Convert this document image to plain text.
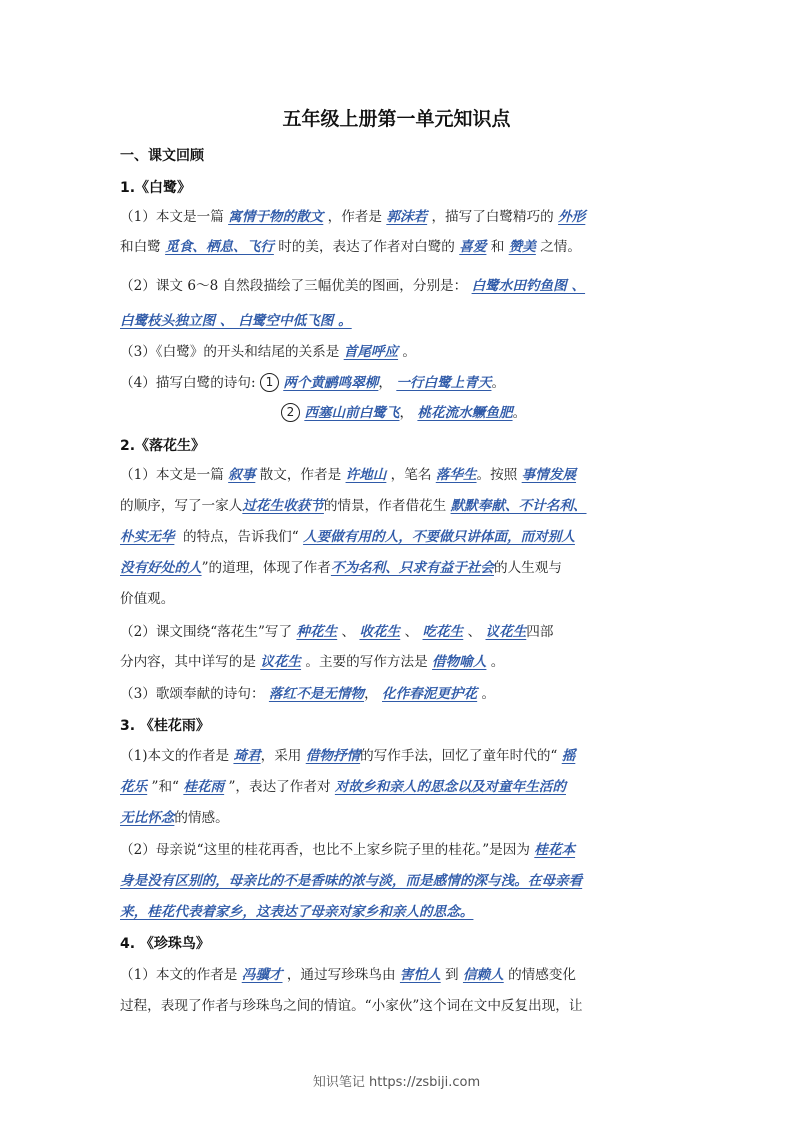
五年级上册第一单元知识点
一、课文回顾
1.《白鹭》
（1）本文是一篇 寓情于物的散文 ，作者是 郭沫若 ，描写了白鹭精巧的 外形
和白鹭 觅食、栖息、飞行 时的美，表达了作者对白鹭的 喜爱 和 赞美 之情。
（2）课文 6～8 自然段描绘了三幅优美的图画，分别是： 白鹭水田钓鱼图 、
白鹭枝头独立图 、 白鹭空中低飞图 。
（3）《白鹭》的开头和结尾的关系是 首尾呼应 。
（4）描写白鹭的诗句: 1 两个黄鹂鸣翠柳， 一行白鹭上青天。
2 西塞山前白鹭飞， 桃花流水鳜鱼肥。
2.《落花生》
（1）本文是一篇 叙事 散文，作者是 许地山 ，笔名 落华生。按照 事情发展
的顺序，写了一家人过花生收获节的情景，作者借花生 默默奉献、不计名利、
朴实无华 的特点，告诉我们“ 人要做有用的人，不要做只讲体面，而对别人
没有好处的人”的道理，体现了作者不为名利、只求有益于社会的人生观与
价值观。
（2）课文围绕“落花生”写了 种花生 、 收花生 、 吃花生 、 议花生四部
分内容，其中详写的是 议花生 。主要的写作方法是 借物喻人 。
（3）歌颂奉献的诗句： 落红不是无情物， 化作春泥更护花 。
3. 《桂花雨》
（1)本文的作者是 琦君，采用 借物抒情的写作手法，回忆了童年时代的“ 摇
花乐 ”和“ 桂花雨 ”，表达了作者对 对故乡和亲人的思念以及对童年生活的
无比怀念的情感。
（2）母亲说“这里的桂花再香，也比不上家乡院子里的桂花。”是因为 桂花本
身是没有区别的，母亲比的不是香味的浓与淡，而是感情的深与浅。在母亲看
来，桂花代表着家乡，这表达了母亲对家乡和亲人的思念。
4. 《珍珠鸟》
（1）本文的作者是 冯骥才 ，通过写珍珠鸟由 害怕人 到 信赖人 的情感变化
过程，表现了作者与珍珠鸟之间的情谊。“小家伙”这个词在文中反复出现，让
知识笔记 https://zsbiji.com
